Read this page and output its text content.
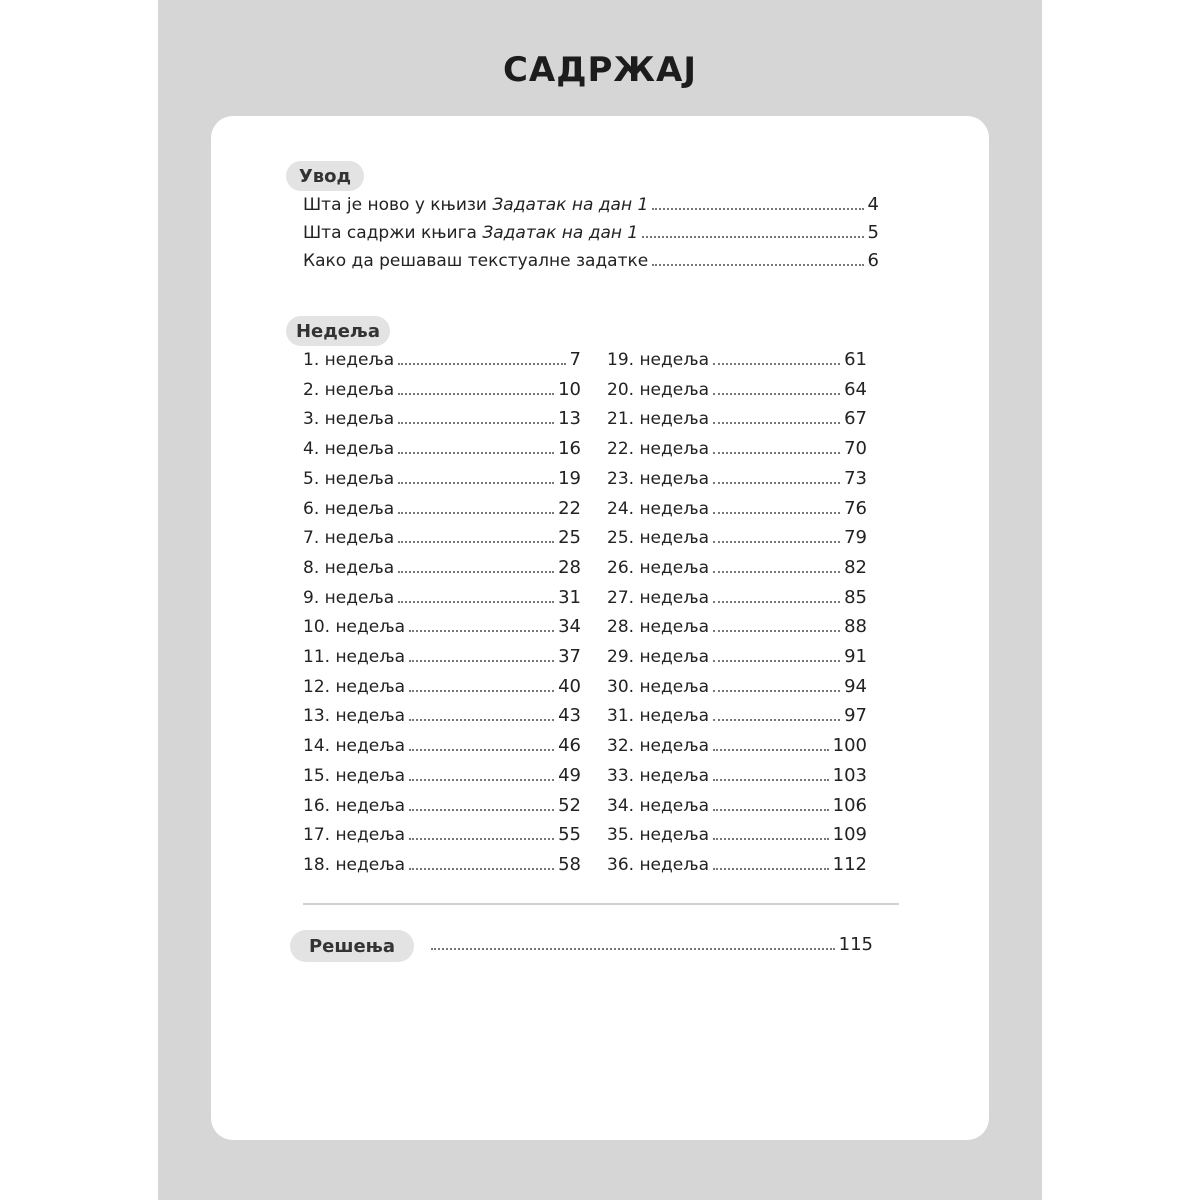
САДРЖАЈ
Увод
Шта је ново у књизи Задатак на дан 1	4
Шта садржи књига Задатак на дан 1	5
Како да решаваш текстуалне задатке	6
Недеља
1. недеља	7
2. недеља	10
3. недеља	13
4. недеља	16
5. недеља	19
6. недеља	22
7. недеља	25
8. недеља	28
9. недеља	31
10. недеља	34
11. недеља	37
12. недеља	40
13. недеља	43
14. недеља	46
15. недеља	49
16. недеља	52
17. недеља	55
18. недеља	58
19. недеља	61
20. недеља	64
21. недеља	67
22. недеља	70
23. недеља	73
24. недеља	76
25. недеља	79
26. недеља	82
27. недеља	85
28. недеља	88
29. недеља	91
30. недеља	94
31. недеља	97
32. недеља	100
33. недеља	103
34. недеља	106
35. недеља	109
36. недеља	112
Решења	115
